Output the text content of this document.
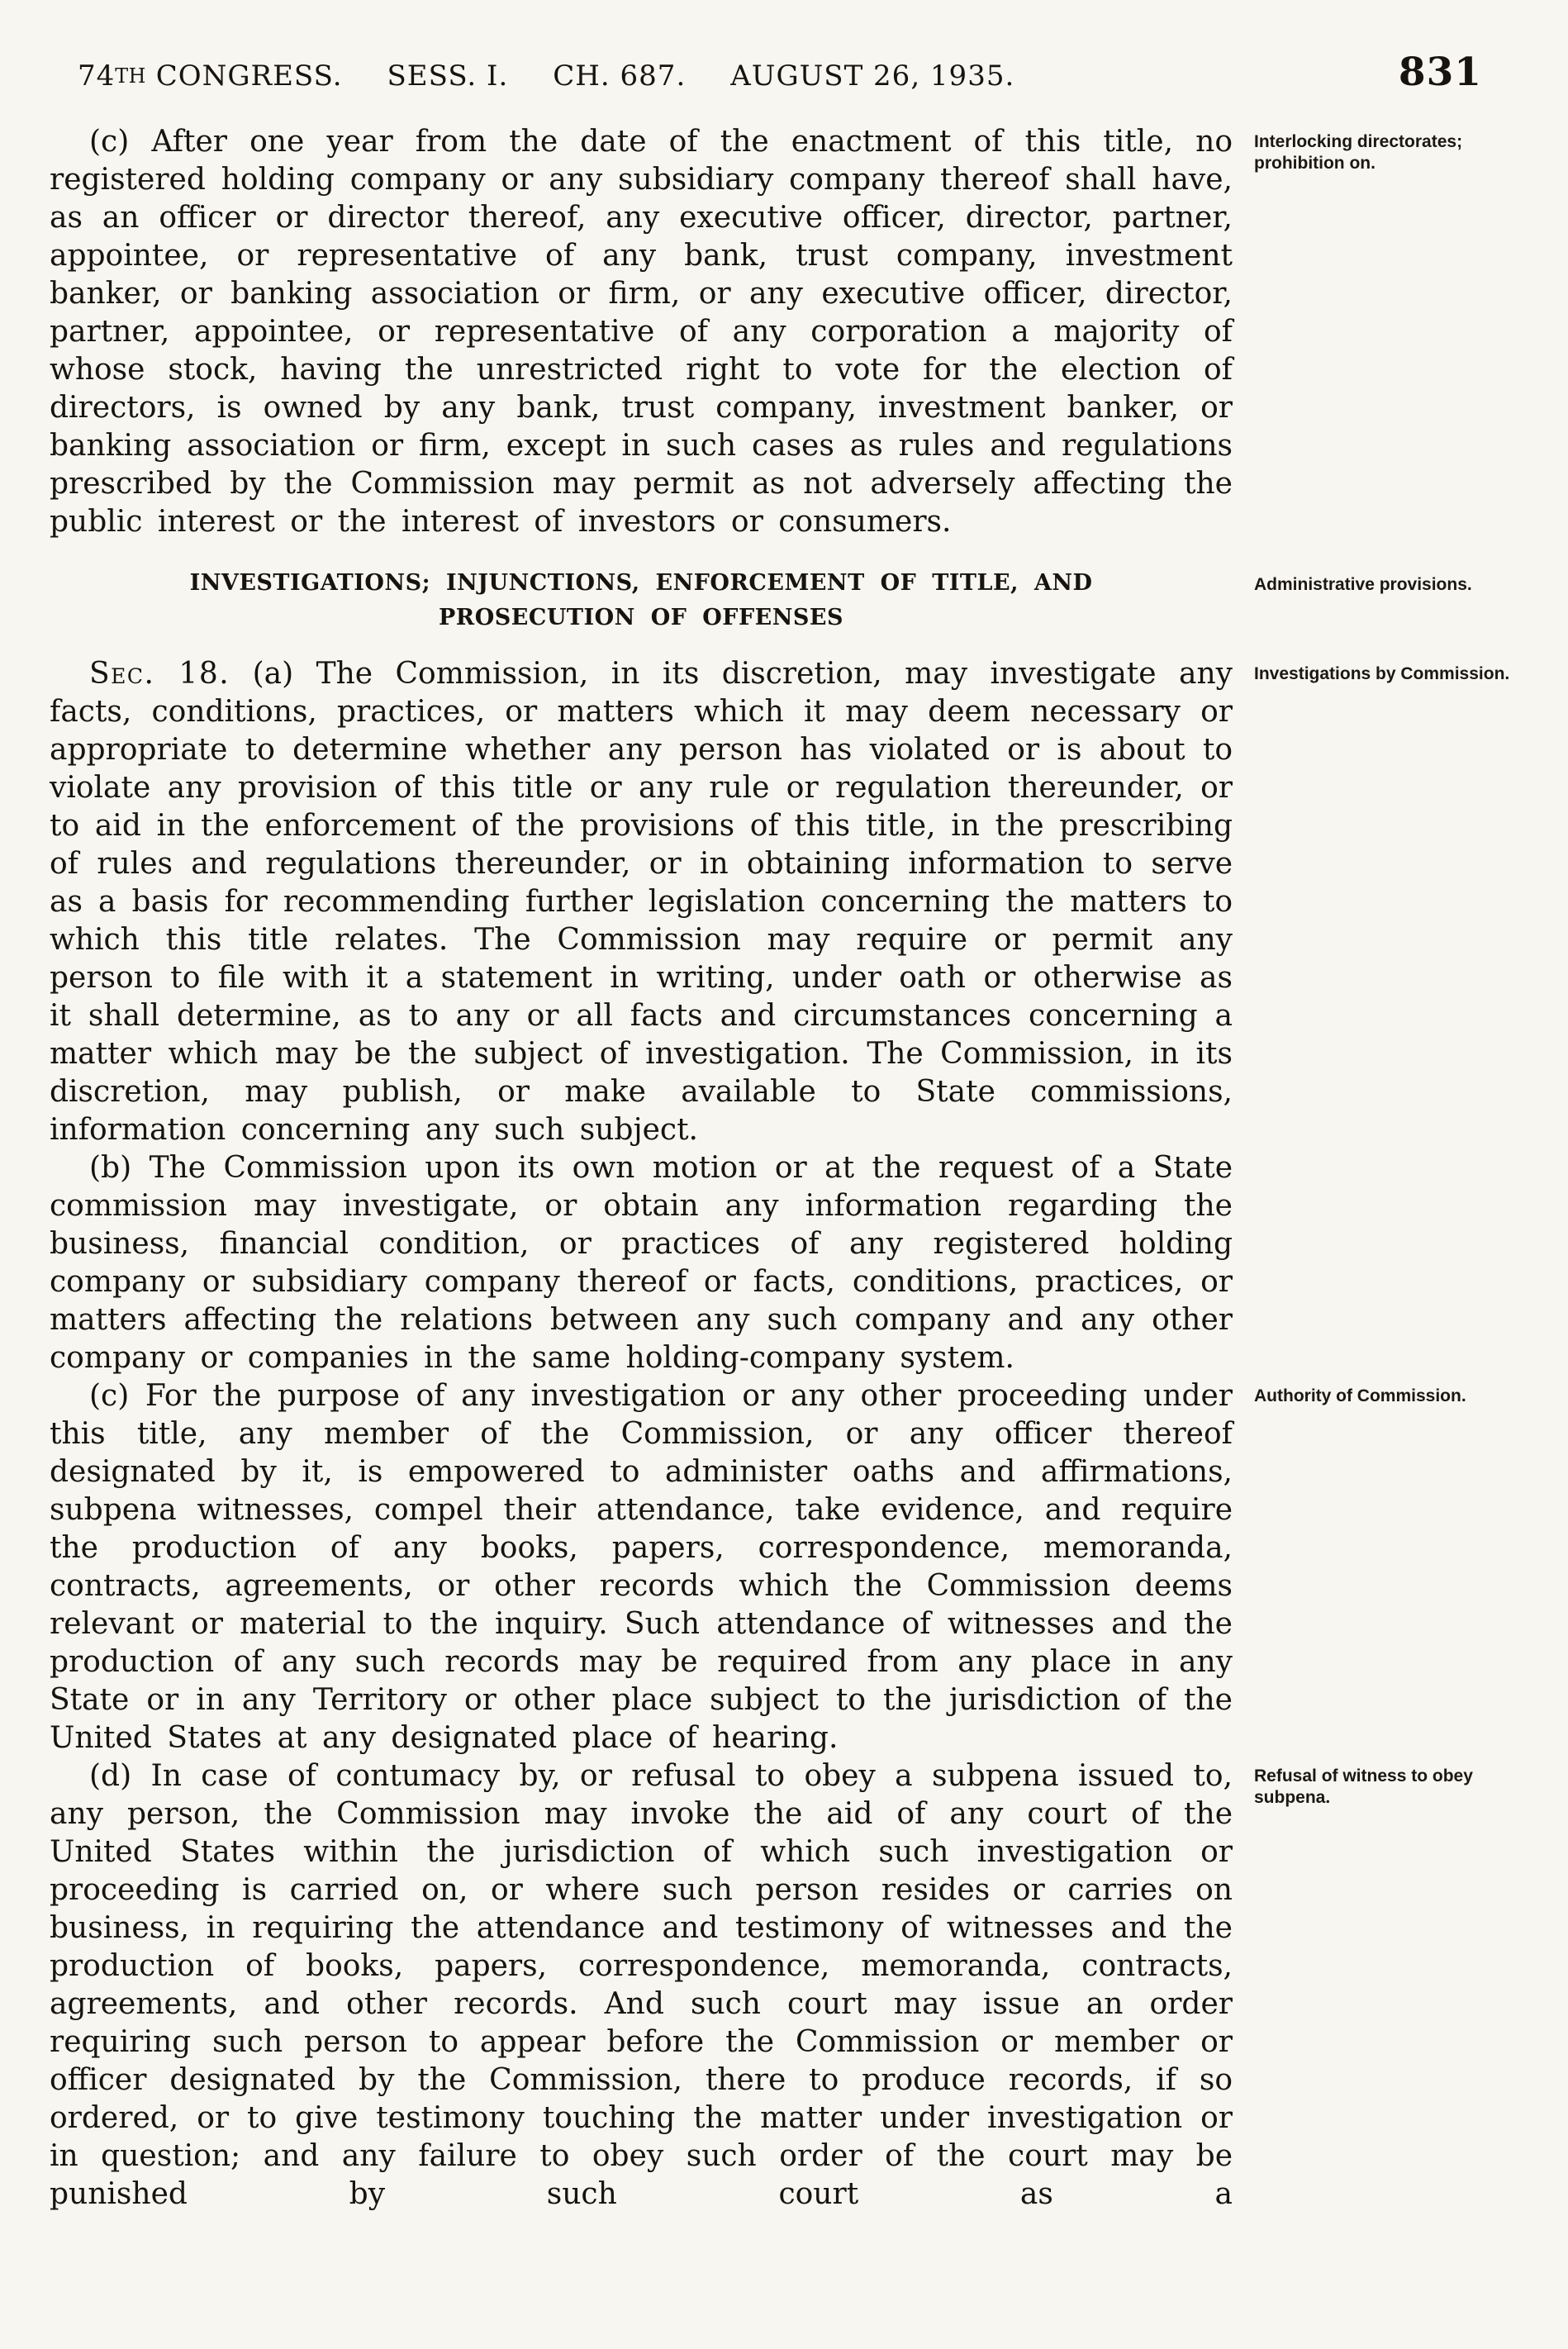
74TH CONGRESS. SESS. I. CH. 687. AUGUST 26, 1935.	831

(c) After one year from the date of the enactment of this title, no registered holding company or any subsidiary company thereof shall have, as an officer or director thereof, any executive officer, director, partner, appointee, or representative of any bank, trust company, investment banker, or banking association or firm, or any executive officer, director, partner, appointee, or representative of any corporation a majority of whose stock, having the unrestricted right to vote for the election of directors, is owned by any bank, trust company, investment banker, or banking association or firm, except in such cases as rules and regulations prescribed by the Commission may permit as not adversely affecting the public interest or the interest of investors or consumers.

Interlocking directorates; prohibition on.
INVESTIGATIONS; INJUNCTIONS, ENFORCEMENT OF TITLE, AND PROSECUTION OF OFFENSES
Administrative provisions.

Sec. 18. (a) The Commission, in its discretion, may investigate any facts, conditions, practices, or matters which it may deem necessary or appropriate to determine whether any person has violated or is about to violate any provision of this title or any rule or regulation thereunder, or to aid in the enforcement of the provisions of this title, in the prescribing of rules and regulations thereunder, or in obtaining information to serve as a basis for recommending further legislation concerning the matters to which this title relates. The Commission may require or permit any person to file with it a statement in writing, under oath or otherwise as it shall determine, as to any or all facts and circumstances concerning a matter which may be the subject of investigation. The Commission, in its discretion, may publish, or make available to State commissions, information concerning any such subject.

Investigations by Commission.

(b) The Commission upon its own motion or at the request of a State commission may investigate, or obtain any information regarding the business, financial condition, or practices of any registered holding company or subsidiary company thereof or facts, conditions, practices, or matters affecting the relations between any such company and any other company or companies in the same holding-company system.

(c) For the purpose of any investigation or any other proceeding under this title, any member of the Commission, or any officer thereof designated by it, is empowered to administer oaths and affirmations, subpena witnesses, compel their attendance, take evidence, and require the production of any books, papers, correspondence, memoranda, contracts, agreements, or other records which the Commission deems relevant or material to the inquiry. Such attendance of witnesses and the production of any such records may be required from any place in any State or in any Territory or other place subject to the jurisdiction of the United States at any designated place of hearing.

Authority of Commission.

(d) In case of contumacy by, or refusal to obey a subpena issued to, any person, the Commission may invoke the aid of any court of the United States within the jurisdiction of which such investigation or proceeding is carried on, or where such person resides or carries on business, in requiring the attendance and testimony of witnesses and the production of books, papers, correspondence, memoranda, contracts, agreements, and other records. And such court may issue an order requiring such person to appear before the Commission or member or officer designated by the Commission, there to produce records, if so ordered, or to give testimony touching the matter under investigation or in question; and any failure to obey such order of the court may be punished by such court as a

Refusal of witness to obey subpena.
